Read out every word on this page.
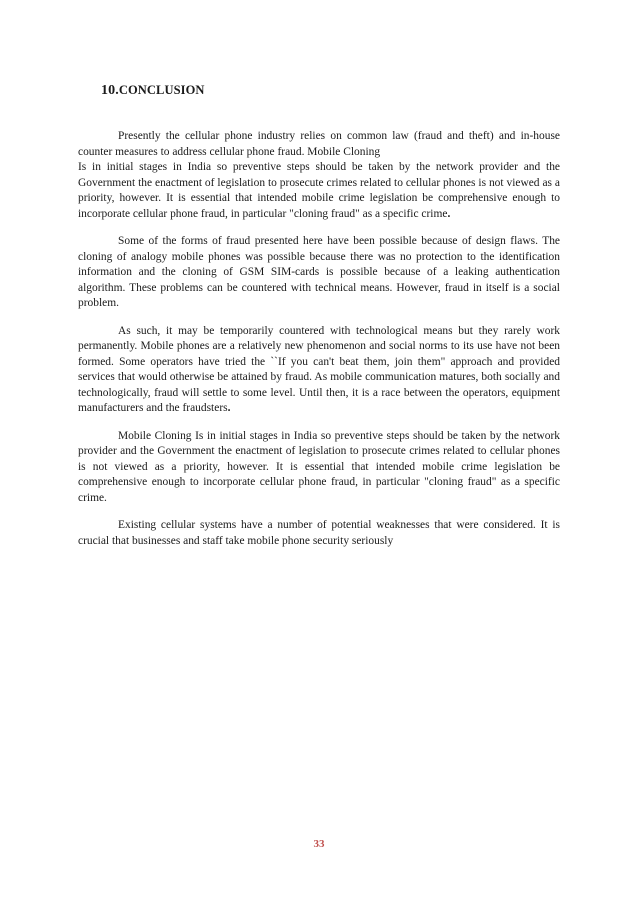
10.CONCLUSION

Presently the cellular phone industry relies on common law (fraud and theft) and in-house counter measures to address cellular phone fraud. Mobile Cloning
Is in initial stages in India so preventive steps should be taken by the network provider and the Government the enactment of legislation to prosecute crimes related to cellular phones is not viewed as a priority, however. It is essential that intended mobile crime legislation be comprehensive enough to incorporate cellular phone fraud, in particular "cloning fraud" as a specific crime.

Some of the forms of fraud presented here have been possible because of design flaws. The cloning of analogy mobile phones was possible because there was no protection to the identification information and the cloning of GSM SIM-cards is possible because of a leaking authentication algorithm. These problems can be countered with technical means. However, fraud in itself is a social problem.

As such, it may be temporarily countered with technological means but they rarely work permanently. Mobile phones are a relatively new phenomenon and social norms to its use have not been formed. Some operators have tried the ``If you can't beat them, join them" approach and provided services that would otherwise be attained by fraud. As mobile communication matures, both socially and technologically, fraud will settle to some level. Until then, it is a race between the operators, equipment manufacturers and the fraudsters.

Mobile Cloning Is in initial stages in India so preventive steps should be taken by the network provider and the Government the enactment of legislation to prosecute crimes related to cellular phones is not viewed as a priority, however. It is essential that intended mobile crime legislation be comprehensive enough to incorporate cellular phone fraud, in particular "cloning fraud" as a specific crime.

Existing cellular systems have a number of potential weaknesses that were considered. It is crucial that businesses and staff take mobile phone security seriously

33
